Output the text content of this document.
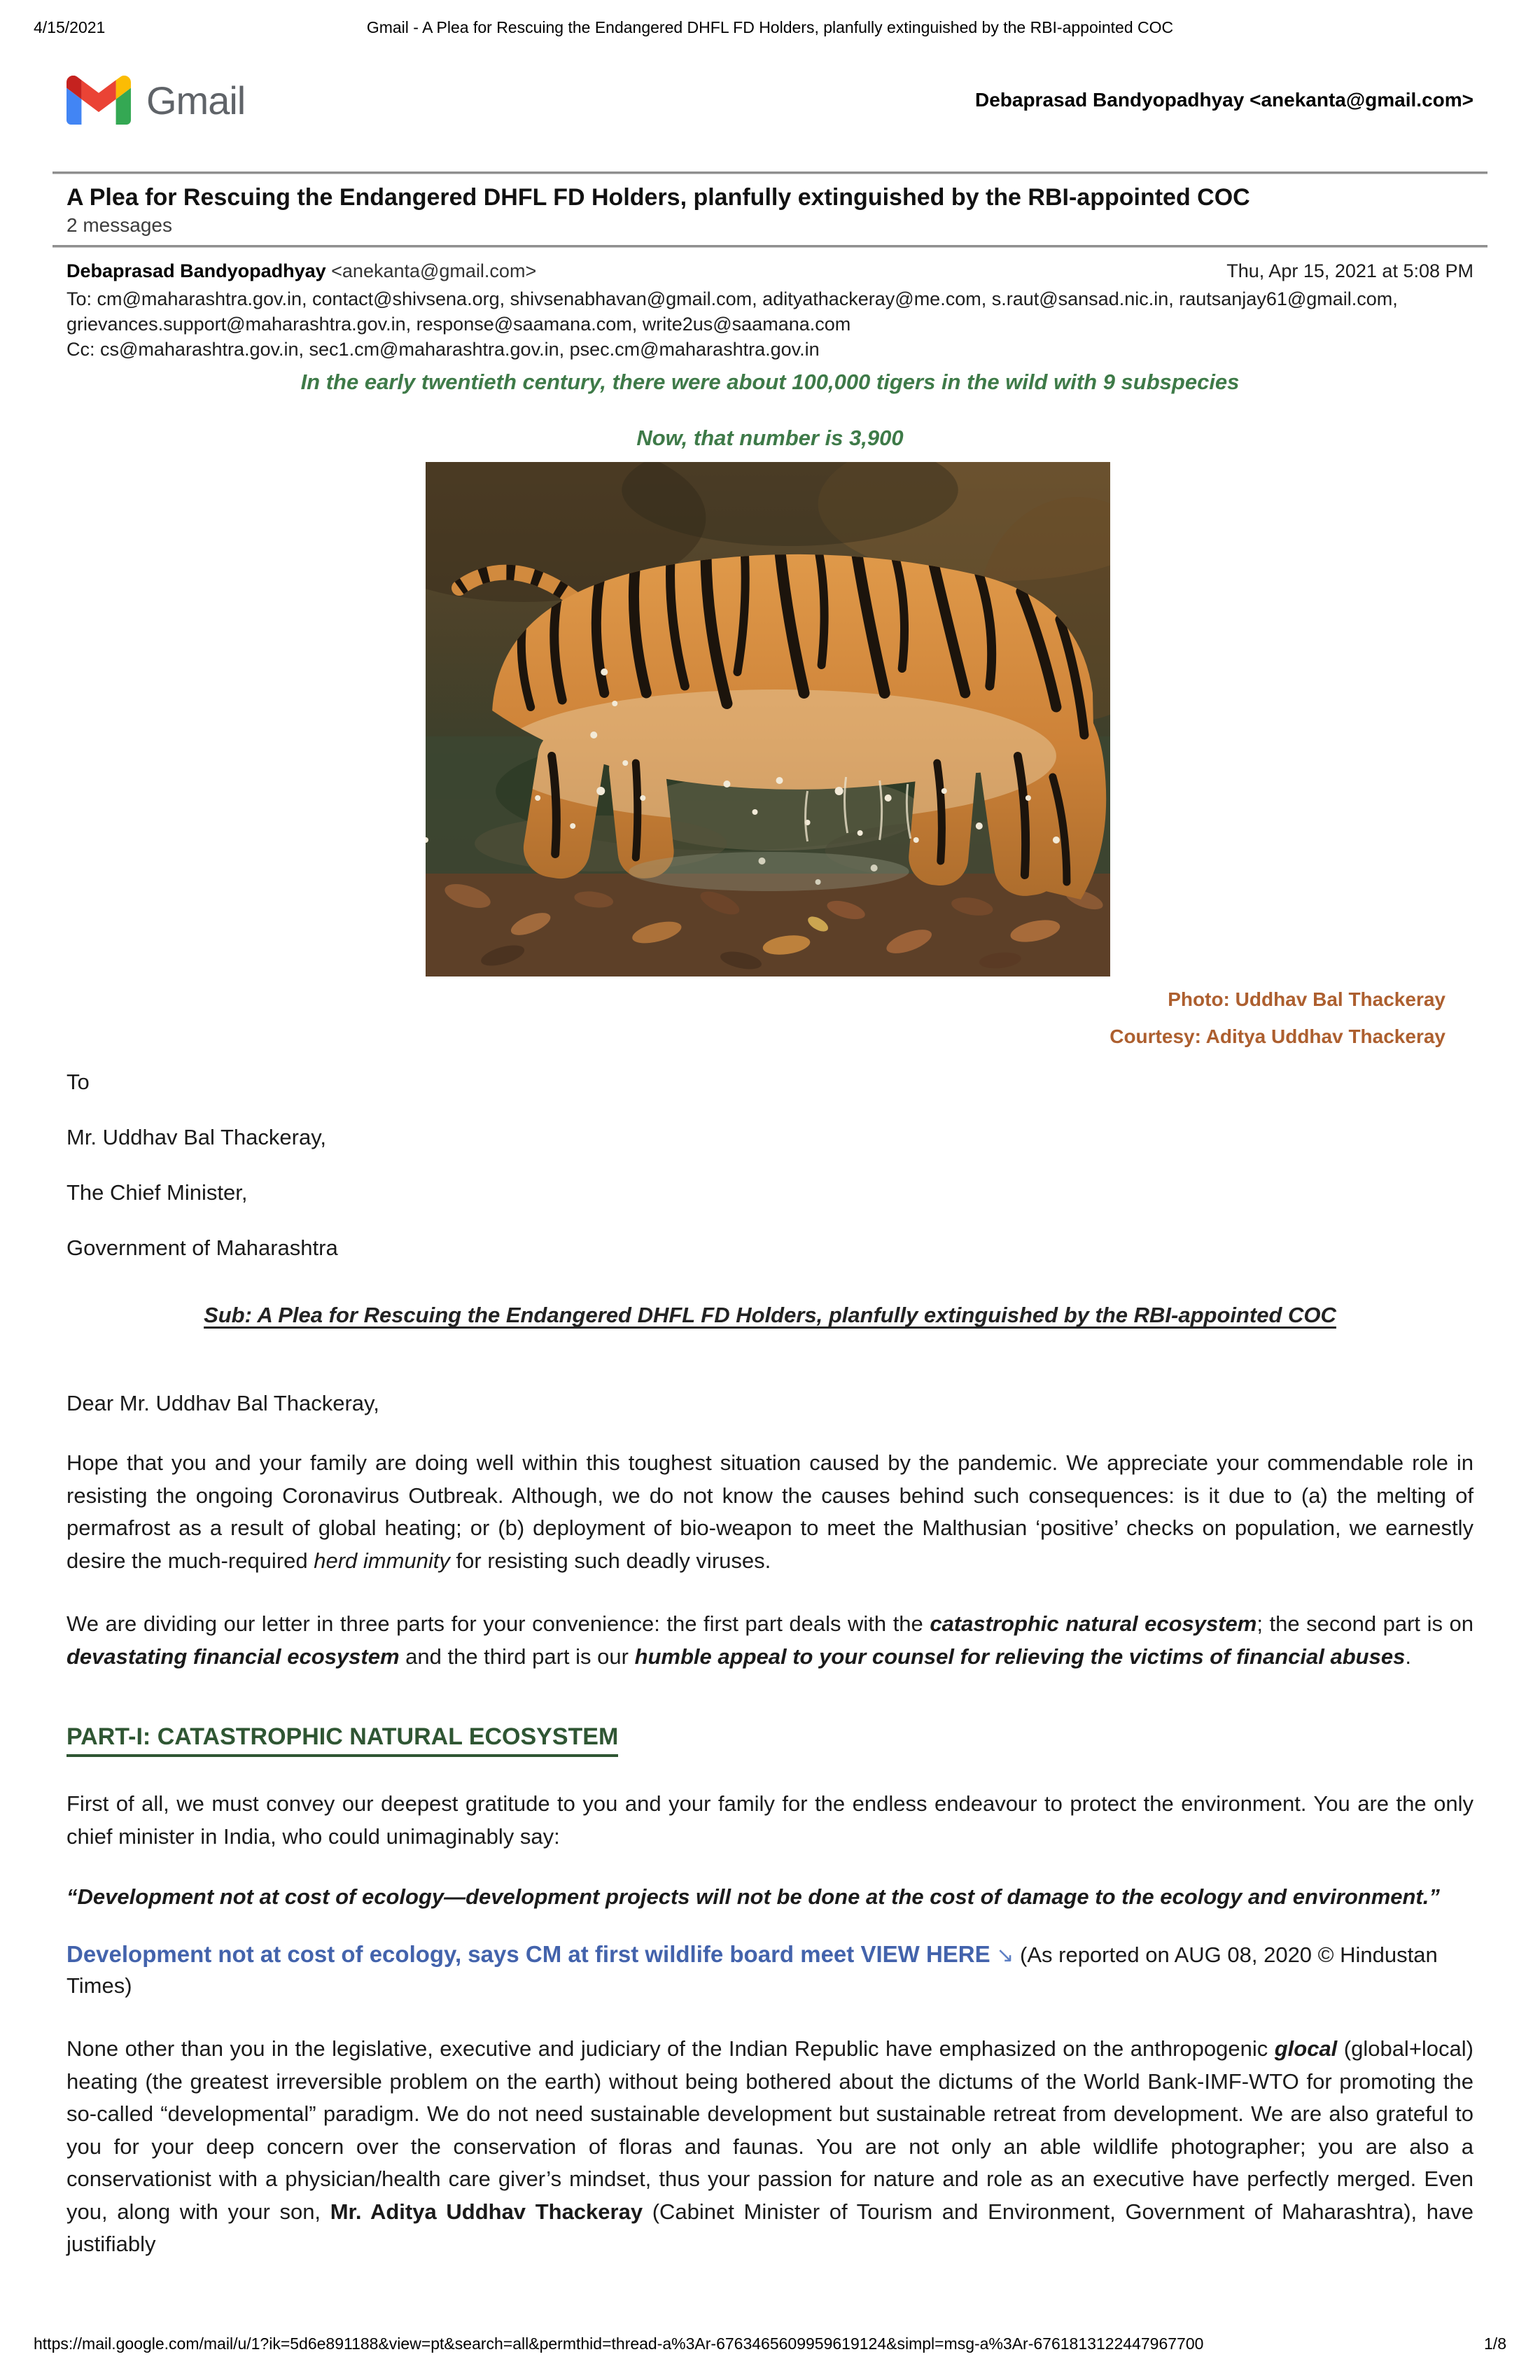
4/15/2021	Gmail - A Plea for Rescuing the Endangered DHFL FD Holders, planfully extinguished by the RBI-appointed COC
Gmail	Debaprasad Bandyopadhyay <anekanta@gmail.com>
A Plea for Rescuing the Endangered DHFL FD Holders, planfully extinguished by the RBI-appointed COC
2 messages
Debaprasad Bandyopadhyay <anekanta@gmail.com>	Thu, Apr 15, 2021 at 5:08 PM
To: cm@maharashtra.gov.in, contact@shivsena.org, shivsenabhavan@gmail.com, adityathackeray@me.com, s.raut@sansad.nic.in, rautsanjay61@gmail.com,
grievances.support@maharashtra.gov.in, response@saamana.com, write2us@saamana.com
Cc: cs@maharashtra.gov.in, sec1.cm@maharashtra.gov.in, psec.cm@maharashtra.gov.in
In the early twentieth century, there were about 100,000 tigers in the wild with 9 subspecies
Now, that number is 3,900
Photo: Uddhav Bal Thackeray
Courtesy: Aditya Uddhav Thackeray

To

Mr. Uddhav Bal Thackeray,

The Chief Minister,

Government of Maharashtra

Sub: A Plea for Rescuing the Endangered DHFL FD Holders, planfully extinguished by the RBI-appointed COC

Dear Mr. Uddhav Bal Thackeray,

Hope that you and your family are doing well within this toughest situation caused by the pandemic. We appreciate your commendable role in resisting the ongoing Coronavirus Outbreak. Although, we do not know the causes behind such consequences: is it due to (a) the melting of permafrost as a result of global heating; or (b) deployment of bio-weapon to meet the Malthusian ‘positive’ checks on population, we earnestly desire the much-required herd immunity for resisting such deadly viruses.

We are dividing our letter in three parts for your convenience: the first part deals with the catastrophic natural ecosystem; the second part is on devastating financial ecosystem and the third part is our humble appeal to your counsel for relieving the victims of financial abuses.

PART-I: CATASTROPHIC NATURAL ECOSYSTEM

First of all, we must convey our deepest gratitude to you and your family for the endless endeavour to protect the environment. You are the only chief minister in India, who could unimaginably say:

“Development not at cost of ecology—development projects will not be done at the cost of damage to the ecology and environment.”

Development not at cost of ecology, says CM at first wildlife board meet VIEW HERE ↘ (As reported on AUG 08, 2020 © Hindustan Times)

None other than you in the legislative, executive and judiciary of the Indian Republic have emphasized on the anthropogenic glocal (global+local) heating (the greatest irreversible problem on the earth) without being bothered about the dictums of the World Bank-IMF-WTO for promoting the so-called “developmental” paradigm. We do not need sustainable development but sustainable retreat from development. We are also grateful to you for your deep concern over the conservation of floras and faunas. You are not only an able wildlife photographer; you are also a conservationist with a physician/health care giver’s mindset, thus your passion for nature and role as an executive have perfectly merged. Even you, along with your son, Mr. Aditya Uddhav Thackeray (Cabinet Minister of Tourism and Environment, Government of Maharashtra), have justifiably

https://mail.google.com/mail/u/1?ik=5d6e891188&view=pt&search=all&permthid=thread-a%3Ar-6763465609959619124&simpl=msg-a%3Ar-6761813122447967700	1/8
